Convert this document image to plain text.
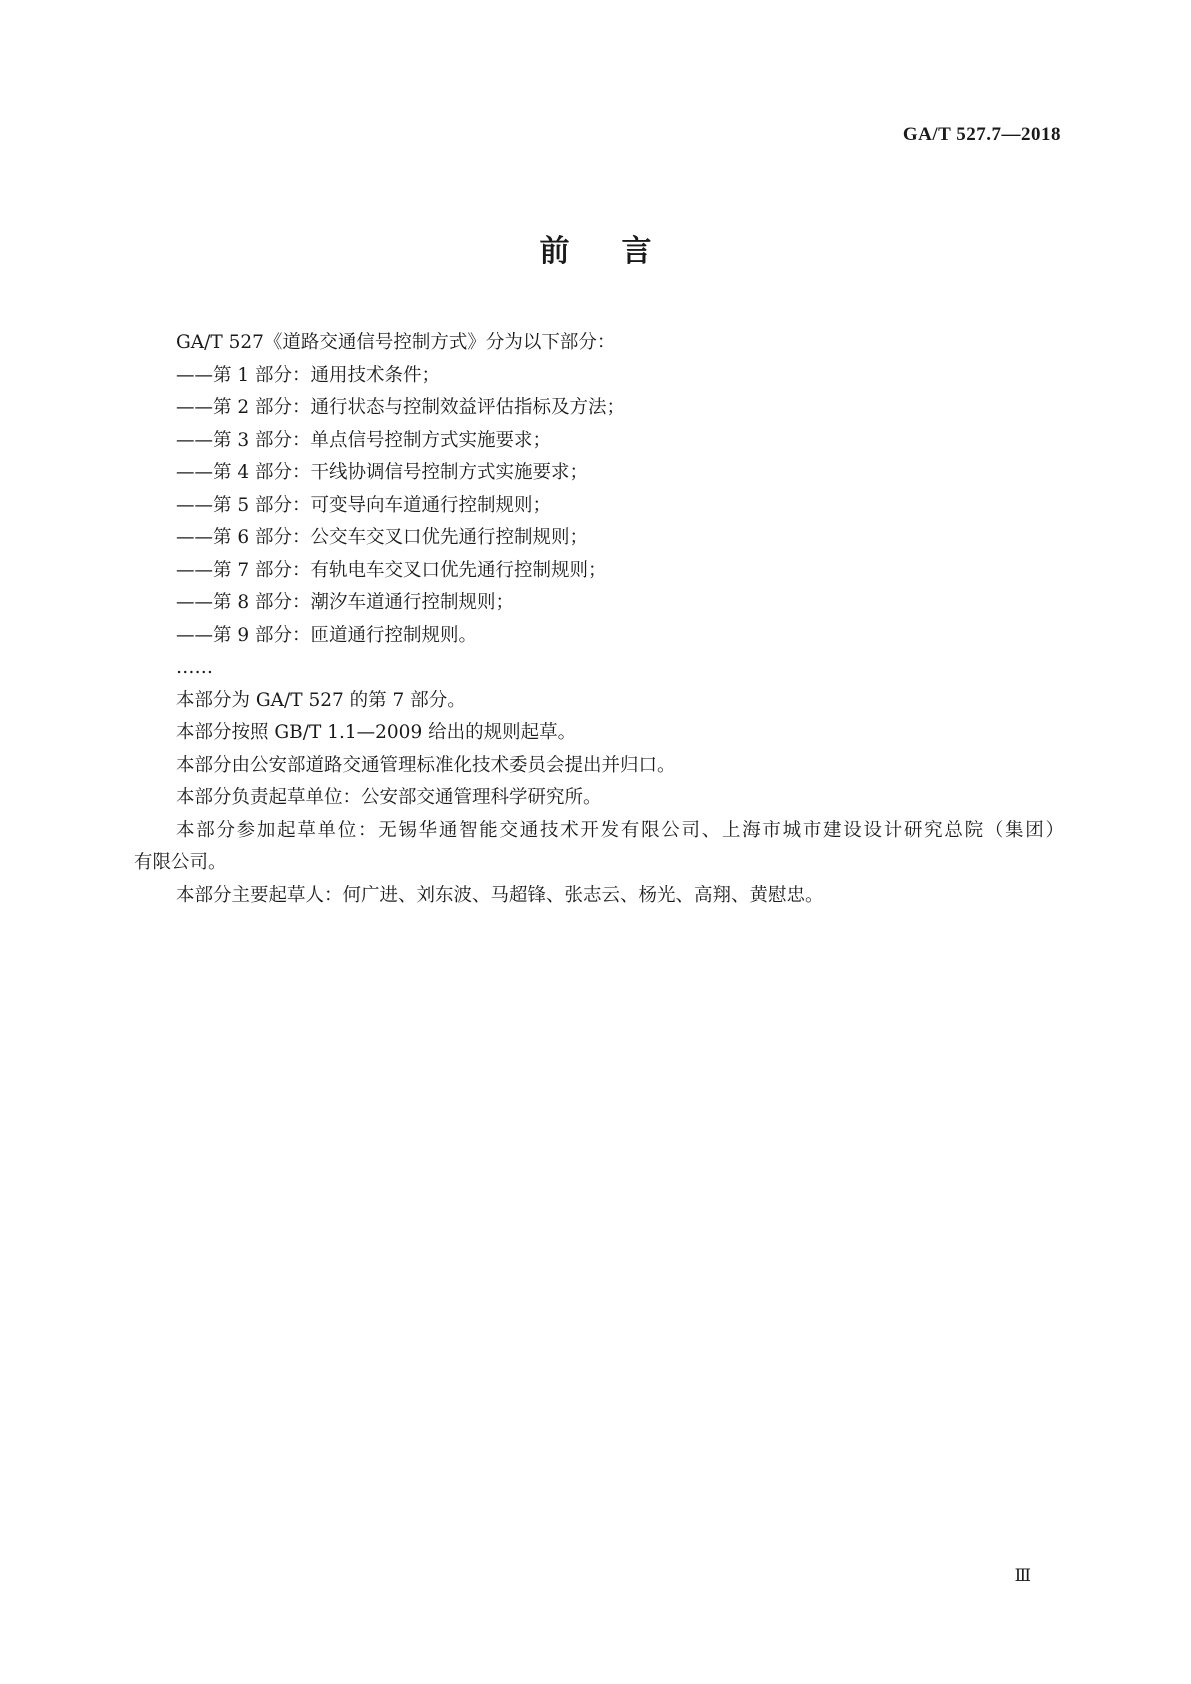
GA/T 527.7—2018
前言

GA/T 527《道路交通信号控制方式》分为以下部分：

——第 1 部分：通用技术条件；

——第 2 部分：通行状态与控制效益评估指标及方法；

——第 3 部分：单点信号控制方式实施要求；

——第 4 部分：干线协调信号控制方式实施要求；

——第 5 部分：可变导向车道通行控制规则；

——第 6 部分：公交车交叉口优先通行控制规则；

——第 7 部分：有轨电车交叉口优先通行控制规则；

——第 8 部分：潮汐车道通行控制规则；

——第 9 部分：匝道通行控制规则。

……

本部分为 GA/T 527 的第 7 部分。

本部分按照 GB/T 1.1—2009 给出的规则起草。

本部分由公安部道路交通管理标准化技术委员会提出并归口。

本部分负责起草单位：公安部交通管理科学研究所。

本部分参加起草单位：无锡华通智能交通技术开发有限公司、上海市城市建设设计研究总院（集团）

有限公司。

本部分主要起草人：何广进、刘东波、马超锋、张志云、杨光、高翔、黄慰忠。

Ⅲ
